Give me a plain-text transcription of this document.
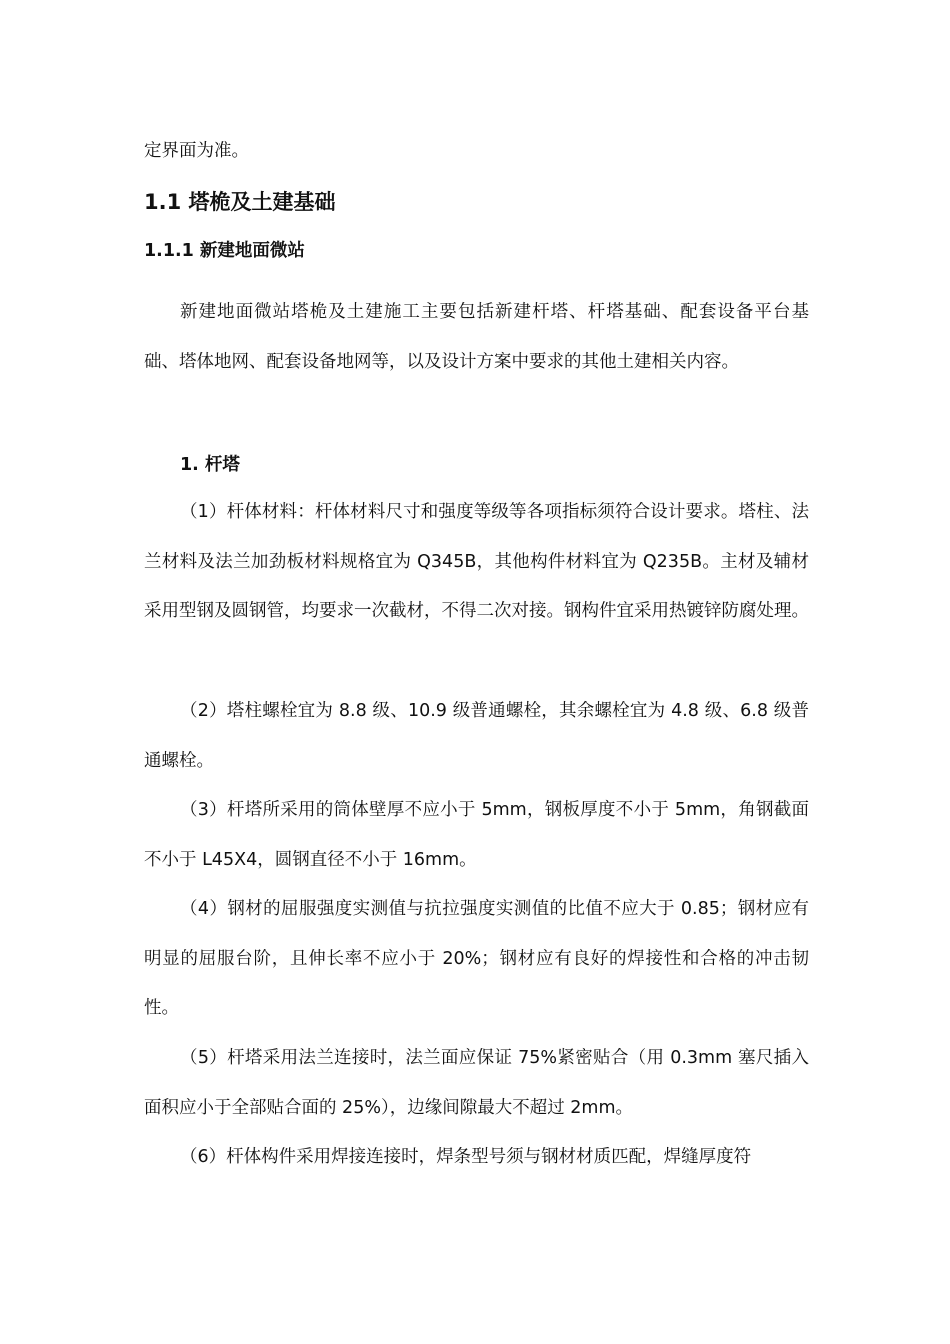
定界面为准。

1.1 塔桅及土建基础
1.1.1 新建地面微站

新建地面微站塔桅及土建施工主要包括新建杆塔、杆塔基础、配套设备平台基础、塔体地网、配套设备地网等，以及设计方案中要求的其他土建相关内容。

1. 杆塔

（1）杆体材料：杆体材料尺寸和强度等级等各项指标须符合设计要求。塔柱、法兰材料及法兰加劲板材料规格宜为 Q345B，其他构件材料宜为 Q235B。主材及辅材采用型钢及圆钢管，均要求一次截材，不得二次对接。钢构件宜采用热镀锌防腐处理。

（2）塔柱螺栓宜为 8.8 级、10.9 级普通螺栓，其余螺栓宜为 4.8 级、6.8 级普通螺栓。

（3）杆塔所采用的筒体壁厚不应小于 5mm，钢板厚度不小于 5mm，角钢截面不小于 L45X4，圆钢直径不小于 16mm。

（4）钢材的屈服强度实测值与抗拉强度实测值的比值不应大于 0.85；钢材应有明显的屈服台阶，且伸长率不应小于 20%；钢材应有良好的焊接性和合格的冲击韧性。

（5）杆塔采用法兰连接时，法兰面应保证 75%紧密贴合（用 0.3mm 塞尺插入面积应小于全部贴合面的 25%），边缘间隙最大不超过 2mm。

（6）杆体构件采用焊接连接时，焊条型号须与钢材材质匹配，焊缝厚度符
